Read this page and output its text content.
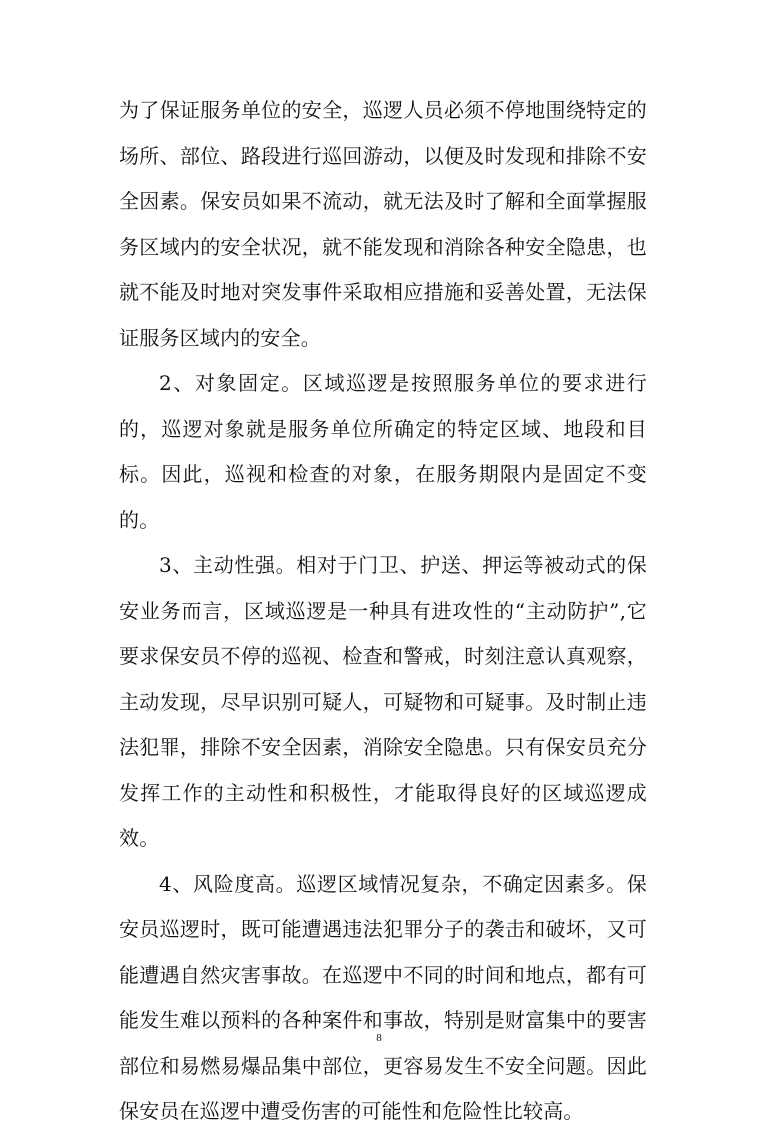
为了保证服务单位的安全，巡逻人员必须不停地围绕特定的场所、部位、路段进行巡回游动，以便及时发现和排除不安全因素。保安员如果不流动，就无法及时了解和全面掌握服务区域内的安全状况，就不能发现和消除各种安全隐患，也就不能及时地对突发事件采取相应措施和妥善处置，无法保证服务区域内的安全。

2、对象固定。区域巡逻是按照服务单位的要求进行的，巡逻对象就是服务单位所确定的特定区域、地段和目标。因此，巡视和检查的对象，在服务期限内是固定不变的。

3、主动性强。相对于门卫、护送、押运等被动式的保安业务而言，区域巡逻是一种具有进攻性的“主动防护”,它要求保安员不停的巡视、检查和警戒，时刻注意认真观察，主动发现，尽早识别可疑人，可疑物和可疑事。及时制止违法犯罪，排除不安全因素，消除安全隐患。只有保安员充分发挥工作的主动性和积极性，才能取得良好的区域巡逻成效。

4、风险度高。巡逻区域情况复杂，不确定因素多。保安员巡逻时，既可能遭遇违法犯罪分子的袭击和破坏，又可能遭遇自然灾害事故。在巡逻中不同的时间和地点，都有可能发生难以预料的各种案件和事故，特别是财富集中的要害部位和易燃易爆品集中部位，更容易发生不安全问题。因此保安员在巡逻中遭受伤害的可能性和危险性比较高。

8
